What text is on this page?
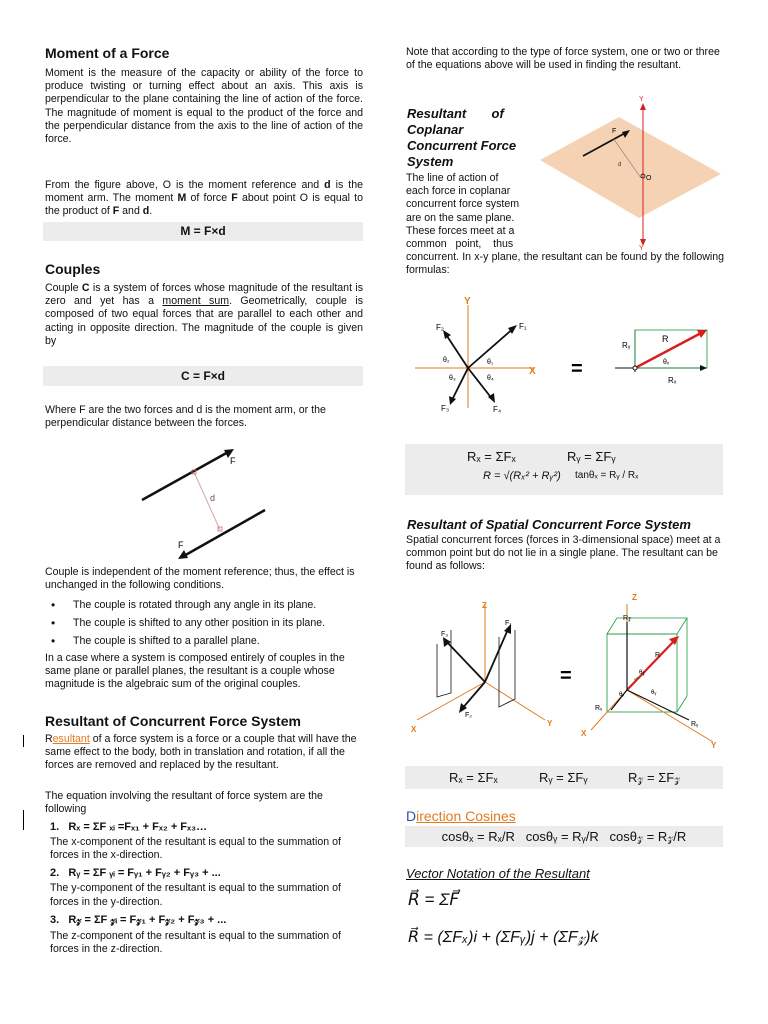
Moment of a Force
Moment is the measure of the capacity or ability of the force to produce twisting or turning effect about an axis. This axis is perpendicular to the plane containing the line of action of the force. The magnitude of moment is equal to the product of the force and the perpendicular distance from the axis to the line of action of the force.
From the figure above, O is the moment reference and d is the moment arm. The moment M of force F about point O is equal to the product of F and d.
M = F×d
Couples
Couple C is a system of forces whose magnitude of the resultant is zero and yet has a moment sum. Geometrically, couple is composed of two equal forces that are parallel to each other and acting in opposite direction. The magnitude of the couple is given by
C = F×d
Where F are the two forces and d is the moment arm, or the perpendicular distance between the forces.
F
d
F
Couple is independent of the moment reference; thus, the effect is unchanged in the following conditions.
• The couple is rotated through any angle in its plane.
• The couple is shifted to any other position in its plane.
• The couple is shifted to a parallel plane.
In a case where a system is composed entirely of couples in the same plane or parallel planes, the resultant is a couple whose magnitude is the algebraic sum of the original couples.
Resultant of Concurrent Force System
Resultant of a force system is a force or a couple that will have the same effect to the body, both in translation and rotation, if all the forces are removed and replaced by the resultant.
The equation involving the resultant of force system are the following
1. Rₓ = ΣF ₓᵢ =Fₓ₁ + Fₓ₂ + Fₓ₃…
The x-component of the resultant is equal to the summation of forces in the x-direction.
2. Rᵧ = ΣF ᵧᵢ = Fᵧ₁ + Fᵧ₂ + Fᵧ₃ + ...
The y-component of the resultant is equal to the summation of forces in the y-direction.
3. R𝓏 = ΣF 𝓏ᵢ = F𝓏₁ + F𝓏₂ + F𝓏₃ + ...
The z-component of the resultant is equal to the summation of forces in the z-direction.
Note that according to the type of force system, one or two or three of the equations above will be used in finding the resultant.
Resultant       of
Coplanar
Concurrent Force
System
The line of action of
each force in coplanar
concurrent force system
are on the same plane.
These forces meet at a
common   point,    thus
concurrent. In x-y plane, the resultant can be found by the following formulas:
Y
Y
F
d
O
Y
X
F₁
F₂
F₃	F₄
θ₁
θ₂
θ₃	θ₄	=
Rᵧ
R
Rₓ
θₓ
Rₓ = ΣFₓ	Rᵧ = ΣFᵧ
R = √(Rₓ² + Rᵧ²) tanθₓ = Rᵧ / Rₓ
Resultant of Spatial Concurrent Force System
Spatial concurrent forces (forces in 3-dimensional space) meet at a common point but do not lie in a single plane. The resultant can be found as follows:
Z
F₁
F₃
F₂
X
Y
=
Z
R𝓏
R
θ𝓏
θₓ	θᵧ
Rₓ
Rᵧ
X
Y
Rₓ = ΣFₓ	Rᵧ = ΣFᵧ	R𝓏 = ΣF𝓏
Direction Cosines
cosθₓ = Rₓ/R   cosθᵧ = Rᵧ/R   cosθ𝓏 = R𝓏/R
Vector Notation of the Resultant
R⃗ = ΣF⃗
R⃗ = (ΣFₓ)i + (ΣFᵧ)j + (ΣF𝓏)k
